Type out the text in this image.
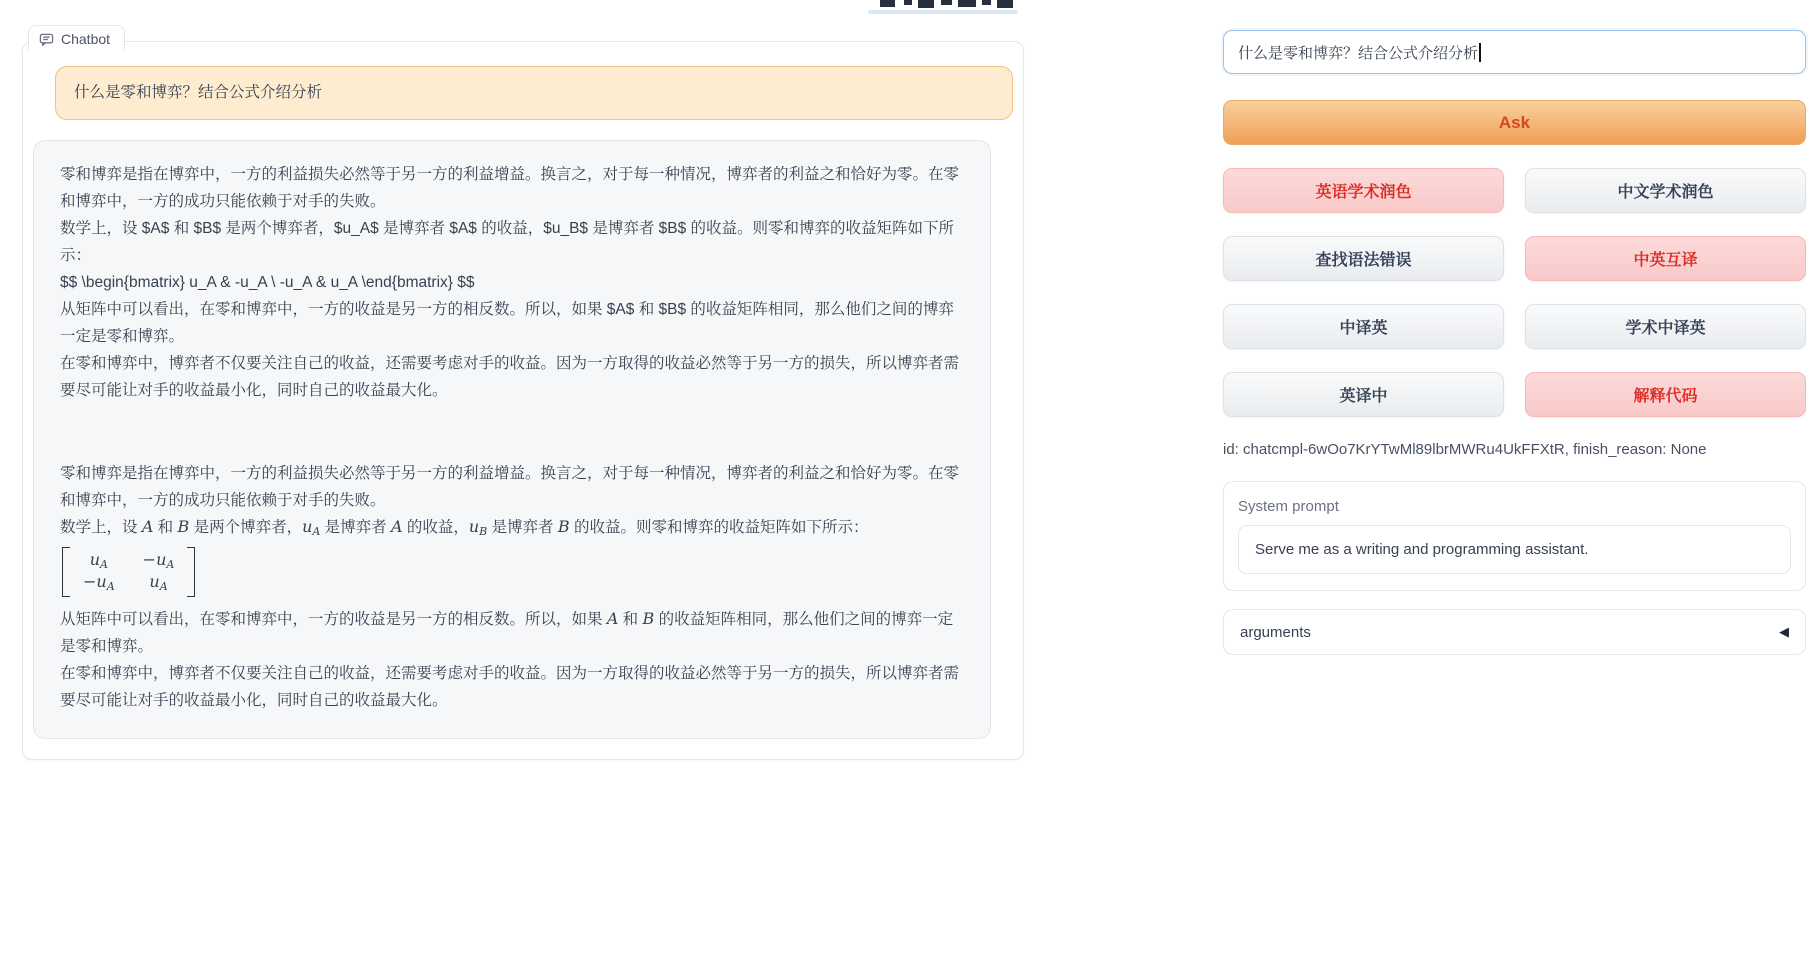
Chatbot
什么是零和博弈？结合公式介绍分析

零和博弈是指在博弈中，一方的利益损失必然等于另一方的利益增益。换言之，对于每一种情况，博弈者的利益之和恰好为零。在零和博弈中，一方的成功只能依赖于对手的失败。

数学上，设 $A$ 和 $B$ 是两个博弈者，$u_A$ 是博弈者 $A$ 的收益，$u_B$ 是博弈者 $B$ 的收益。则零和博弈的收益矩阵如下所示：

$$ \begin{bmatrix} u_A & -u_A \ -u_A & u_A \end{bmatrix} $$

从矩阵中可以看出，在零和博弈中，一方的收益是另一方的相反数。所以，如果 $A$ 和 $B$ 的收益矩阵相同，那么他们之间的博弈一定是零和博弈。

在零和博弈中，博弈者不仅要关注自己的收益，还需要考虑对手的收益。因为一方取得的收益必然等于另一方的损失，所以博弈者需要尽可能让对手的收益最小化，同时自己的收益最大化。

零和博弈是指在博弈中，一方的利益损失必然等于另一方的利益增益。换言之，对于每一种情况，博弈者的利益之和恰好为零。在零和博弈中，一方的成功只能依赖于对手的失败。

数学上，设 A 和 B 是两个博弈者，$u_A$ 是博弈者 A 的收益，$u_B$ 是博弈者 B 的收益。则零和博弈的收益矩阵如下所示：

$u_A -u_A$
$-u_A$ $u_A$

从矩阵中可以看出，在零和博弈中，一方的收益是另一方的相反数。所以，如果 A 和 B 的收益矩阵相同，那么他们之间的博弈一定是零和博弈。

在零和博弈中，博弈者不仅要关注自己的收益，还需要考虑对手的收益。因为一方取得的收益必然等于另一方的损失，所以博弈者需要尽可能让对手的收益最小化，同时自己的收益最大化。

什么是零和博弈？结合公式介绍分析
Ask
英语学术润色	中文学术润色
查找语法错误	中英互译
中译英	学术中译英
英译中	解释代码
id: chatcmpl-6wOo7KrYTwMl89lbrMWRu4UkFFXtR, finish_reason: None
System prompt
Serve me as a writing and programming assistant.
arguments	◀
